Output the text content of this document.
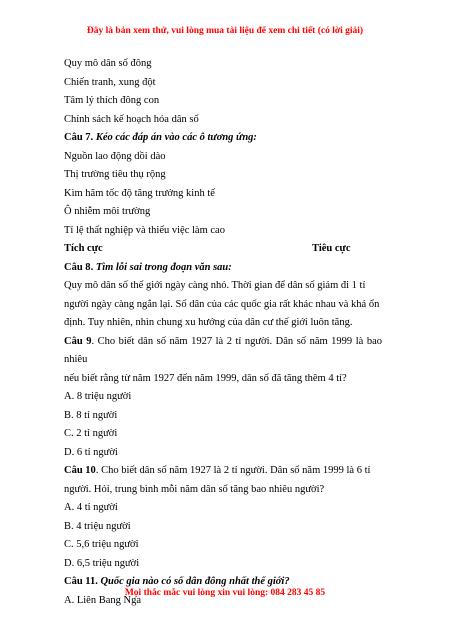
Đây là bản xem thử, vui lòng mua tài liệu để xem chi tiết (có lời giải)
Quy mô dân số đông
Chiến tranh, xung đột
Tâm lý thích đông con
Chính sách kế hoạch hóa dân số
Câu 7. Kéo các đáp án vào các ô tương ứng:
Nguồn lao động dồi dào
Thị trường tiêu thụ rộng
Kìm hãm tốc độ tăng trưởng kinh tế
Ô nhiễm môi trường
Tỉ lệ thất nghiệp và thiếu việc làm cao
Tích cực	Tiêu cực
Câu 8. Tìm lỗi sai trong đoạn văn sau:
Quy mô dân số thế giới ngày càng nhỏ. Thời gian để dân số giảm đi 1 tỉ
người ngày càng ngắn lại. Số dân của các quốc gia rất khác nhau và khá ổn
định. Tuy nhiên, nhìn chung xu hướng của dân cư thế giới luôn tăng.
Câu 9. Cho biết dân số năm 1927 là 2 tỉ người. Dân số năm 1999 là bao nhiêu
nếu biết rằng từ năm 1927 đến năm 1999, dân số đã tăng thêm 4 tỉ?
A. 8 triệu người
B. 8 tỉ người
C. 2 tỉ người
D. 6 tỉ người
Câu 10. Cho biết dân số năm 1927 là 2 tỉ người. Dân số năm 1999 là 6 tỉ
người. Hỏi, trung bình mỗi năm dân số tăng bao nhiêu người?
A. 4 tỉ người
B. 4 triệu người
C. 5,6 triệu người
D. 6,5 triệu người
Câu 11. Quốc gia nào có số dân đông nhất thế giới?
A. Liên Bang Nga
Mọi thắc mắc vui lòng xin vui lòng: 084 283 45 85
